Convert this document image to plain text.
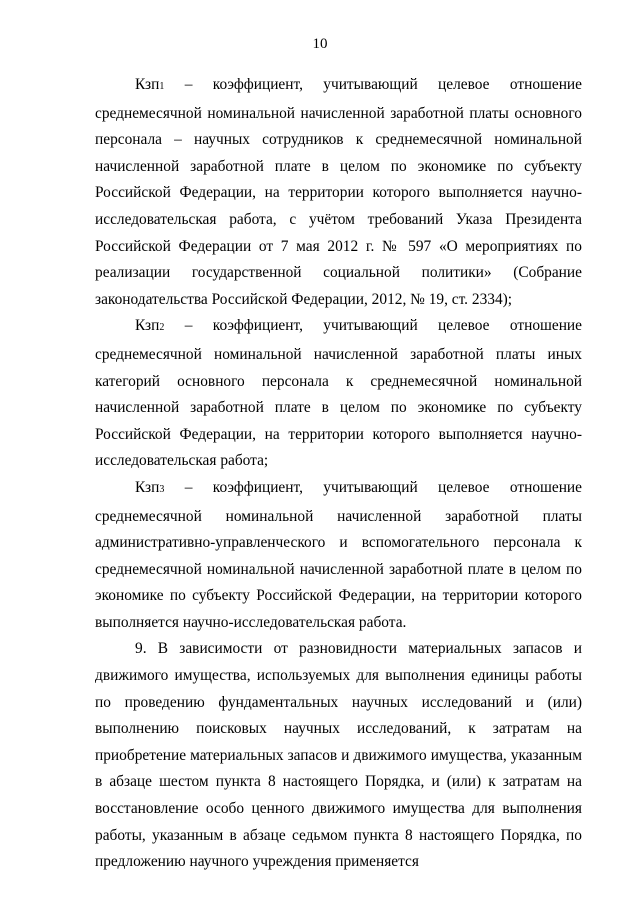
10

Кзп1 – коэффициент, учитывающий целевое отношение среднемесячной номинальной начисленной заработной платы основного персонала – научных сотрудников к среднемесячной номинальной начисленной заработной плате в целом по экономике по субъекту Российской Федерации, на территории которого выполняется научно-исследовательская работа, с учётом требований Указа Президента Российской Федерации от 7 мая 2012 г. № 597 «О мероприятиях по реализации государственной социальной политики» (Собрание законодательства Российской Федерации, 2012, № 19, ст. 2334);

Кзп2 – коэффициент, учитывающий целевое отношение среднемесячной номинальной начисленной заработной платы иных категорий основного персонала к среднемесячной номинальной начисленной заработной плате в целом по экономике по субъекту Российской Федерации, на территории которого выполняется научно-исследовательская работа;

Кзп3 – коэффициент, учитывающий целевое отношение среднемесячной номинальной начисленной заработной платы административно-управленческого и вспомогательного персонала к среднемесячной номинальной начисленной заработной плате в целом по экономике по субъекту Российской Федерации, на территории которого выполняется научно-исследовательская работа.

9. В зависимости от разновидности материальных запасов и движимого имущества, используемых для выполнения единицы работы по проведению фундаментальных научных исследований и (или) выполнению поисковых научных исследований, к затратам на приобретение материальных запасов и движимого имущества, указанным в абзаце шестом пункта 8 настоящего Порядка, и (или) к затратам на восстановление особо ценного движимого имущества для выполнения работы, указанным в абзаце седьмом пункта 8 настоящего Порядка, по предложению научного учреждения применяется
